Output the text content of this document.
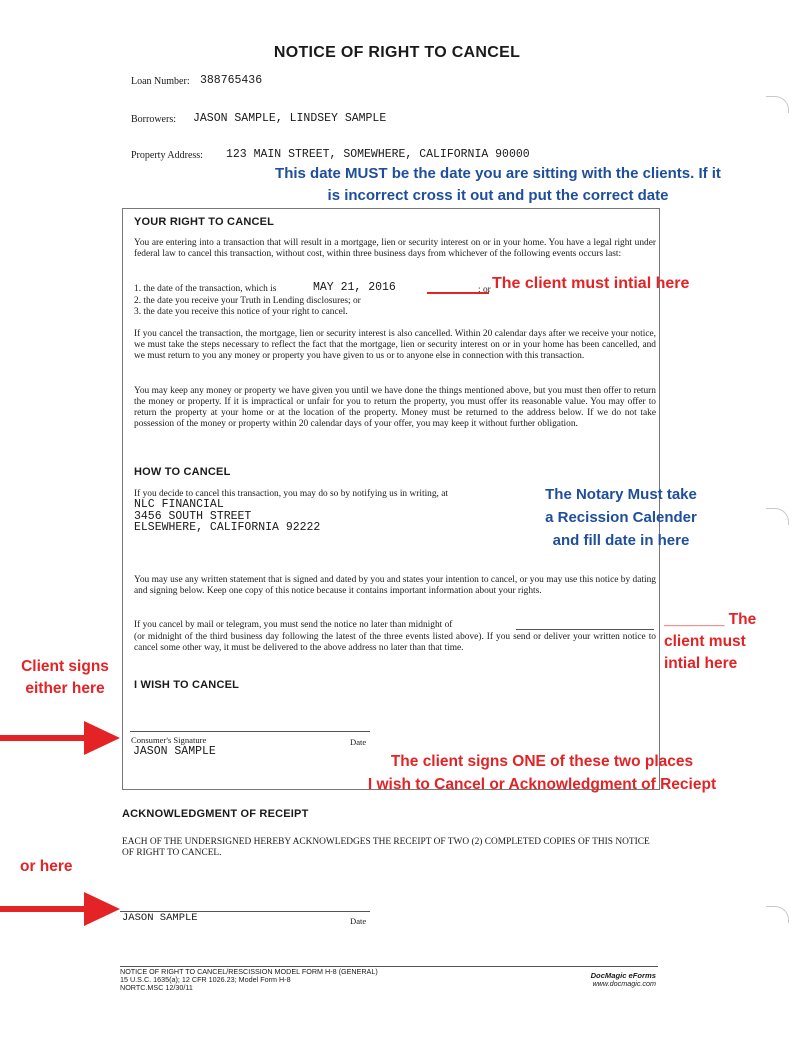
NOTICE OF RIGHT TO CANCEL
Loan Number: 388765436
Borrowers: JASON SAMPLE, LINDSEY SAMPLE
Property Address: 123 MAIN STREET, SOMEWHERE, CALIFORNIA 90000
This date MUST be the date you are sitting with the clients. If it
is incorrect cross it out and put the correct date
YOUR RIGHT TO CANCEL

You are entering into a transaction that will result in a mortgage, lien or security interest on or in your home. You have a legal right under federal law to cancel this transaction, without cost, within three business days from whichever of the following events occurs last:

1. the date of the transaction, which is	MAY 21, 2016	; or
2. the date you receive your Truth in Lending disclosures; or
3. the date you receive this notice of your right to cancel.

If you cancel the transaction, the mortgage, lien or security interest is also cancelled. Within 20 calendar days after we receive your notice, we must take the steps necessary to reflect the fact that the mortgage, lien or security interest on or in your home has been cancelled, and we must return to you any money or property you have given to us or to anyone else in connection with this transaction.

You may keep any money or property we have given you until we have done the things mentioned above, but you must then offer to return the money or property. If it is impractical or unfair for you to return the property, you must offer its reasonable value. You may offer to return the property at your home or at the location of the property. Money must be returned to the address below. If we do not take possession of the money or property within 20 calendar days of your offer, you may keep it without further obligation.

HOW TO CANCEL
If you decide to cancel this transaction, you may do so by notifying us in writing, at
NLC FINANCIAL
3456 SOUTH STREET
ELSEWHERE, CALIFORNIA 92222

You may use any written statement that is signed and dated by you and states your intention to cancel, or you may use this notice by dating and signing below. Keep one copy of this notice because it contains important information about your rights.

If you cancel by mail or telegram, you must send the notice no later than midnight of

(or midnight of the third business day following the latest of the three events listed above). If you send or deliver your written notice to cancel some other way, it must be delivered to the above address no later than that time.

I WISH TO CANCEL
Consumer's Signature	Date
JASON SAMPLE
ACKNOWLEDGMENT OF RECEIPT

EACH OF THE UNDERSIGNED HEREBY ACKNOWLEDGES THE RECEIPT OF TWO (2) COMPLETED COPIES OF THIS NOTICE OF RIGHT TO CANCEL.

JASON SAMPLE	Date
NOTICE OF RIGHT TO CANCEL/RESCISSION MODEL FORM H-8 (GENERAL)
15 U.S.C. 1635(a); 12 CFR 1026.23; Model Form H-8
NORTC.MSC 12/30/11
DocMagic eForms
www.docmagic.com
The client must intial here
The Notary Must take
a Recission Calender
and fill date in here
_______ The
client must
intial here
Client signs
either here
The client signs ONE of these two places
I wish to Cancel or Acknowledgment of Reciept
or here
